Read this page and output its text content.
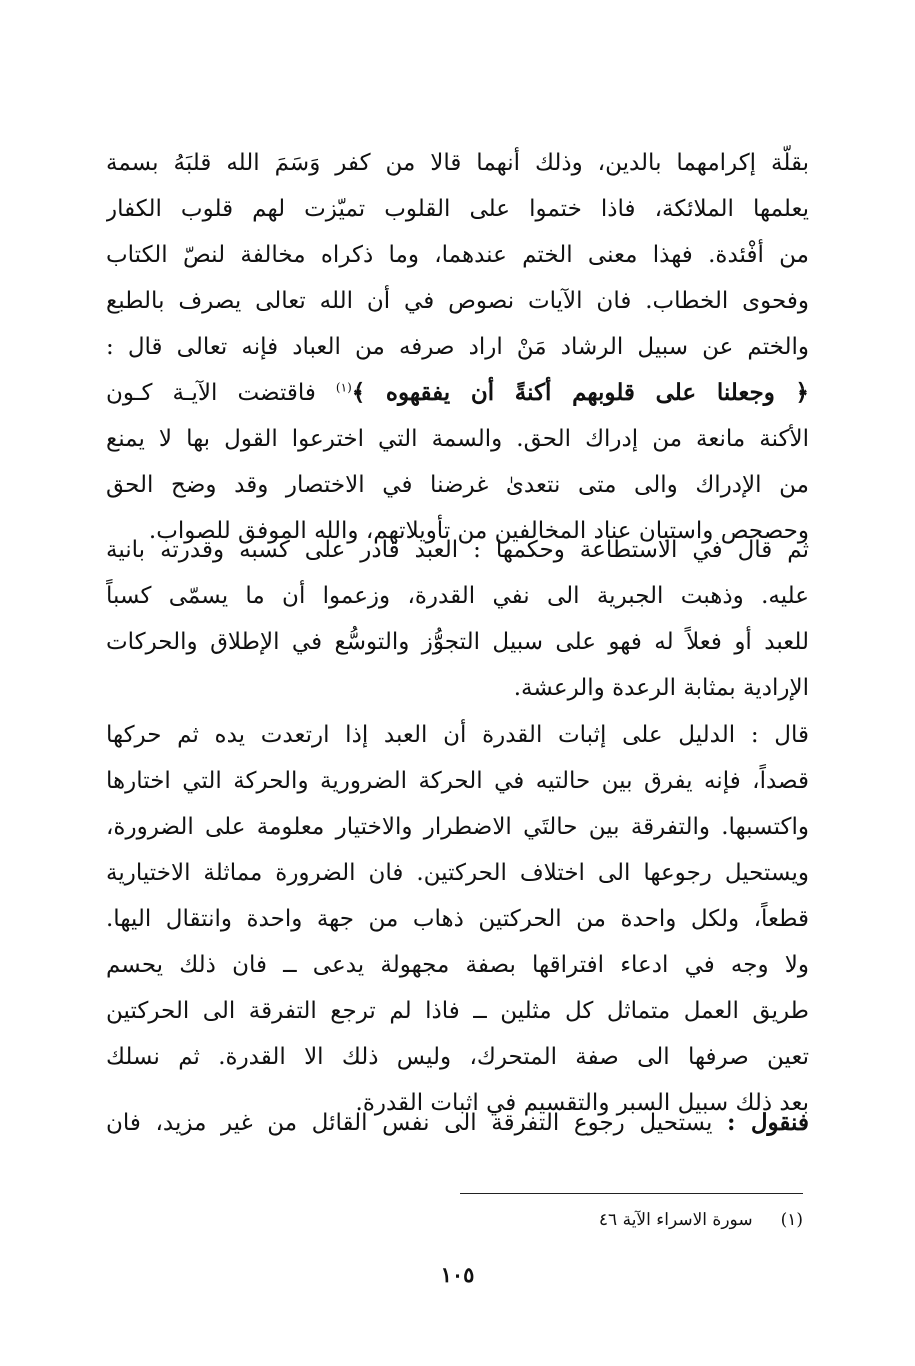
بقلّة إكرامهما بالدين، وذلك أنهما قالا من كفر وَسَمَ الله قلبَهُ بسمة
يعلمها الملائكة، فاذا ختموا على القلوب تميّزت لهم قلوب الكفار
من أفْئدة. فهذا معنى الختم عندهما، وما ذكراه مخالفة لنصّ الكتاب
وفحوى الخطاب. فان الآيات نصوص في أن الله تعالى يصرف بالطبع
والختم عن سبيل الرشاد مَنْ اراد صرفه من العباد فإنه تعالى قال :
﴿ وجعلنا على قلوبهم أكنةً أن يفقهوه ﴾$^{(١)}$ فاقتضت الآيـة كـون
الأكنة مانعة من إدراك الحق. والسمة التي اخترعوا القول بها لا يمنع
من الإدراك والى متى نتعدىٰ غرضنا في الاختصار وقد وضح الحق
وحصحص واستبان عناد المخالفين من تأويلاتهم، والله الموفق للصواب.
ثم قال في الاستطاعة وحكمها : العبد قادر على كسبه وقدرته بانية
عليه. وذهبت الجبرية الى نفي القدرة، وزعموا أن ما يسمّى كسباً
للعبد أو فعلاً له فهو على سبيل التجوُّز والتوسُّع في الإطلاق والحركات
الإرادية بمثابة الرعدة والرعشة.
قال : الدليل على إثبات القدرة أن العبد إذا ارتعدت يده ثم حركها
قصداً، فإنه يفرق بين حالتيه في الحركة الضرورية والحركة التي اختارها
واكتسبها. والتفرقة بين حالتَي الاضطرار والاختيار معلومة على الضرورة،
ويستحيل رجوعها الى اختلاف الحركتين. فان الضرورة مماثلة الاختيارية
قطعاً، ولكل واحدة من الحركتين ذهاب من جهة واحدة وانتقال اليها.
ولا وجه في ادعاء افتراقها بصفة مجهولة يدعى ــ فان ذلك يحسم
طريق العمل متماثل كل مثلين ــ فاذا لم ترجع التفرقة الى الحركتين
تعين صرفها الى صفة المتحرك، وليس ذلك الا القدرة. ثم نسلك
بعد ذلك سبيل السبر والتقسيم في اثبات القدرة.
فنقول : يستحيل رجوع التفرقة الى نفس القائل من غير مزيد، فان
(١)سورة الاسراء الآية ٤٦
١٠٥
